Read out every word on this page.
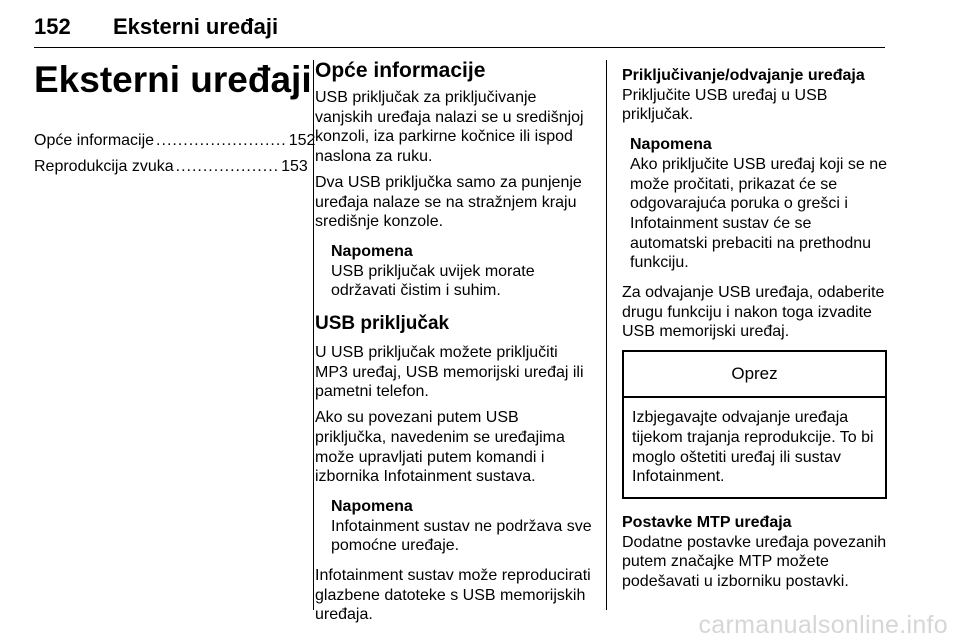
152 Eksterni uređaji
Eksterni uređaji
Opće informacije ........................ 152
Reprodukcija zvuka ................... 153
Opće informacije
USB priključak za priključivanje vanjskih uređaja nalazi se u središnjoj konzoli, iza parkirne kočnice ili ispod naslona za ruku.
Dva USB priključka samo za punjenje uređaja nalaze se na stražnjem kraju središnje konzole.
Napomena
USB priključak uvijek morate održavati čistim i suhim.
USB priključak
U USB priključak možete priključiti MP3 uređaj, USB memorijski uređaj ili pametni telefon.
Ako su povezani putem USB priključka, navedenim se uređajima može upravljati putem komandi i izbornika Infotainment sustava.
Napomena
Infotainment sustav ne podržava sve pomoćne uređaje.
Infotainment sustav može reproducirati glazbene datoteke s USB memorijskih uređaja.
Priključivanje/odvajanje uređaja
Priključite USB uređaj u USB priključak.
Napomena
Ako priključite USB uređaj koji se ne može pročitati, prikazat će se odgovarajuća poruka o grešci i Infotainment sustav će se automatski prebaciti na prethodnu funkciju.
Za odvajanje USB uređaja, odaberite drugu funkciju i nakon toga izvadite USB memorijski uređaj.
Oprez
Izbjegavajte odvajanje uređaja tijekom trajanja reprodukcije. To bi moglo oštetiti uređaj ili sustav Infotainment.
Postavke MTP uređaja
Dodatne postavke uređaja povezanih putem značajke MTP možete podešavati u izborniku postavki.
carmanualsonline.info
